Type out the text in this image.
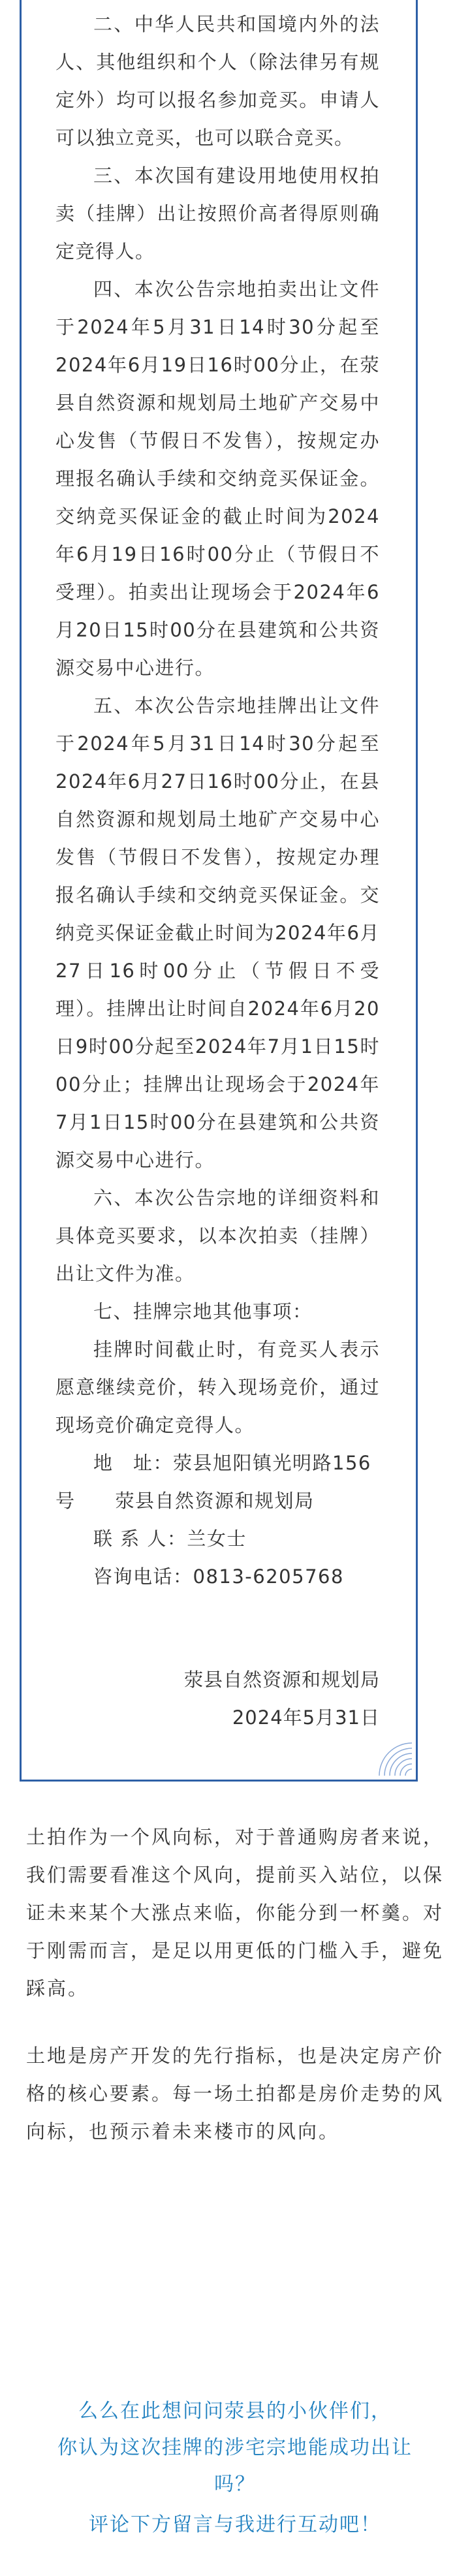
二、中华人民共和国境内外的法人、其他组织和个人（除法律另有规定外）均可以报名参加竞买。申请人可以独立竞买，也可以联合竞买。

三、本次国有建设用地使用权拍卖（挂牌）出让按照价高者得原则确定竞得人。

四、本次公告宗地拍卖出让文件于2024年5月31日14时30分起至2024年6月19日16时00分止，在荥县自然资源和规划局土地矿产交易中心发售（节假日不发售），按规定办理报名确认手续和交纳竞买保证金。交纳竞买保证金的截止时间为2024年6月19日16时00分止（节假日不受理）。拍卖出让现场会于2024年6月20日15时00分在县建筑和公共资源交易中心进行。

五、本次公告宗地挂牌出让文件于2024年5月31日14时30分起至2024年6月27日16时00分止，在县自然资源和规划局土地矿产交易中心发售（节假日不发售），按规定办理报名确认手续和交纳竞买保证金。交纳竞买保证金截止时间为2024年6月27日16时00分止（节假日不受理）。挂牌出让时间自2024年6月20日9时00分起至2024年7月1日15时00分止；挂牌出让现场会于2024年7月1日15时00分在县建筑和公共资源交易中心进行。

六、本次公告宗地的详细资料和具体竞买要求，以本次拍卖（挂牌）出让文件为准。

七、挂牌宗地其他事项：

挂牌时间截止时，有竞买人表示愿意继续竞价，转入现场竞价，通过现场竞价确定竞得人。

地　址：荥县旭阳镇光明路156

号　　荥县自然资源和规划局

联 系 人：兰女士

咨询电话：0813-6205768

荥县自然资源和规划局

2024年5月31日

土拍作为一个风向标，对于普通购房者来说，我们需要看准这个风向，提前买入站位，以保证未来某个大涨点来临，你能分到一杯羹。对于刚需而言，是足以用更低的门槛入手，避免踩高。

土地是房产开发的先行指标，也是决定房产价格的核心要素。每一场土拍都是房价走势的风向标，也预示着未来楼市的风向。

么么在此想问问荥县的小伙伴们，

你认为这次挂牌的涉宅宗地能成功出让

吗？

评论下方留言与我进行互动吧！
